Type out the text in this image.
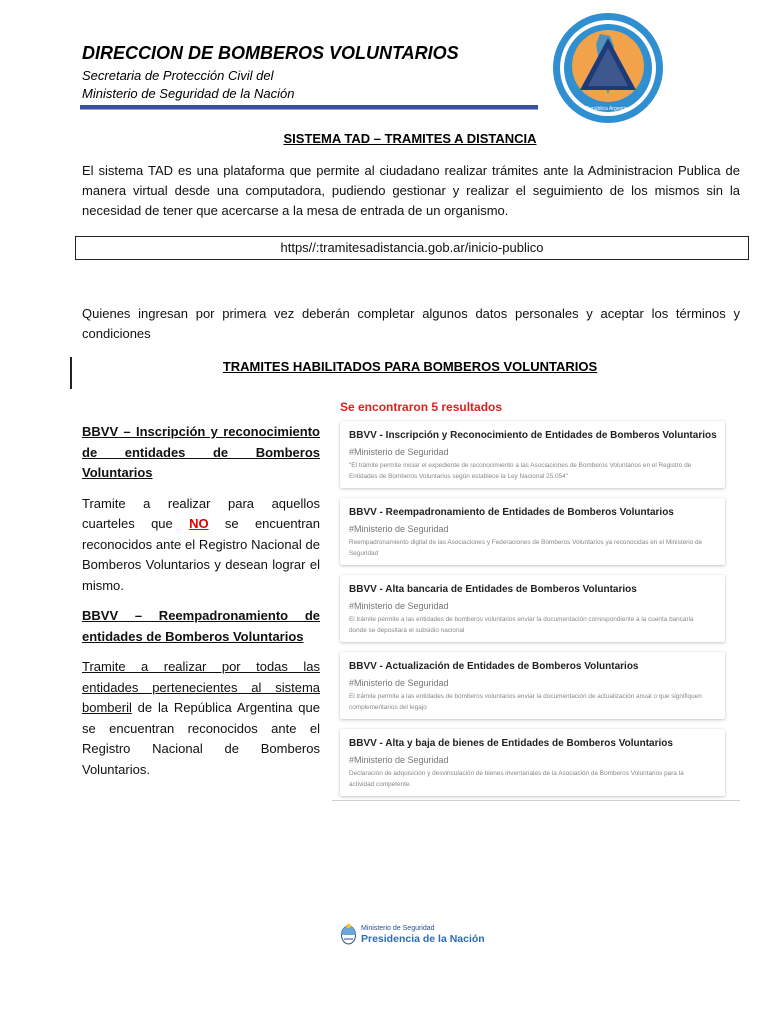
DIRECCION DE BOMBEROS VOLUNTARIOS
Secretaria de Protección Civil del
Ministerio de Seguridad de la Nación
República Argentina
SISTEMA TAD – TRAMITES A DISTANCIA
El sistema TAD es una plataforma que permite al ciudadano realizar trámites ante la Administracion Publica de manera virtual desde una computadora, pudiendo gestionar y realizar el seguimiento de los mismos sin la necesidad de tener que acercarse a la mesa de entrada de un organismo.
https//:tramitesadistancia.gob.ar/inicio-publico
Quienes ingresan por primera vez deberán completar algunos datos personales y aceptar los términos y condiciones
TRAMITES HABILITADOS PARA BOMBEROS VOLUNTARIOS
BBVV – Inscripción y reconocimiento de entidades de Bomberos Voluntarios
Tramite a realizar para aquellos cuarteles que NO se encuentran reconocidos ante el Registro Nacional de Bomberos Voluntarios y desean lograr el mismo.
BBVV – Reempadronamiento de entidades de Bomberos Voluntarios
Tramite a realizar por todas las entidades pertenecientes al sistema bomberil de la República Argentina que se encuentran reconocidos ante el Registro Nacional de Bomberos Voluntarios.
Se encontraron 5 resultados
BBVV - Inscripción y Reconocimiento de Entidades de Bomberos Voluntarios
#Ministerio de Seguridad
"El trámite permite iniciar el expediente de reconocimiento a las Asociaciones de Bomberos Voluntarios en el Registro de Entidades de Bomberos Voluntarios según establece la Ley Nacional 25.054"
BBVV - Reempadronamiento de Entidades de Bomberos Voluntarios
#Ministerio de Seguridad
Reempadronamiento digital de las Asociaciones y Federaciones de Bomberos Voluntarios ya reconocidas en el Ministerio de Seguridad
BBVV - Alta bancaria de Entidades de Bomberos Voluntarios
#Ministerio de Seguridad
El trámite permite a las entidades de bomberos voluntarios enviar la documentación correspondiente a la cuenta bancaria donde se depositará el subsidio nacional
BBVV - Actualización de Entidades de Bomberos Voluntarios
#Ministerio de Seguridad
El trámite permite a las entidades de bomberos voluntarios enviar la documentación de actualización anual o que signifiquen complementarios del legajo
BBVV - Alta y baja de bienes de Entidades de Bomberos Voluntarios
#Ministerio de Seguridad
Declaración de adquisición y desvinculación de bienes inventariales de la Asociación de Bomberos Voluntarios para la actividad competente.
Ministerio de Seguridad
Presidencia de la Nación
